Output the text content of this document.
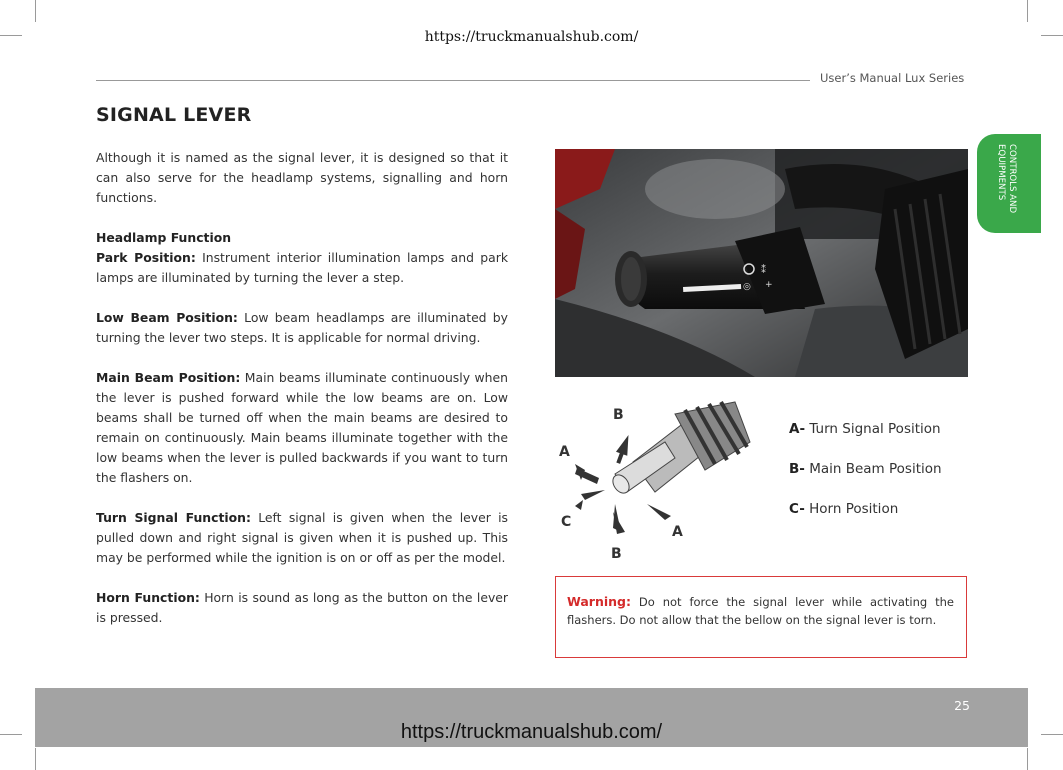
https://truckmanualshub.com/
User’s Manual Lux Series
SIGNAL LEVER

Although it is named as the signal lever, it is designed so that it can also serve for the headlamp systems, signalling and horn functions.

Headlamp Function

Park Position: Instrument interior illumination lamps and park lamps are illuminated by turning the lever a step.

Low Beam Position: Low beam headlamps are illuminated by turning the lever two steps. It is applicable for normal driving.

Main Beam Position: Main beams illuminate continuously when the lever is pushed forward while the low beams are on. Low beams shall be turned off when the main beams are desired to remain on continuously. Main beams illuminate together with the low beams when the lever is pulled backwards if you want to turn the flashers on.

Turn Signal Function: Left signal is given when the lever is pulled down and right signal is given when it is pushed up. This may be performed while the ignition is on or off as per the model.

Horn Function: Horn is sound as long as the button on the lever is pressed.

⁑
◎ +
B
A
C
A
B
A- Turn Signal Position
B- Main Beam Position
C- Horn Position
CONTROLS AND EQUIPMENTS
Warning: Do not force the signal lever while activating the flashers. Do not allow that the bellow on the signal lever is torn.
25
https://truckmanualshub.com/
